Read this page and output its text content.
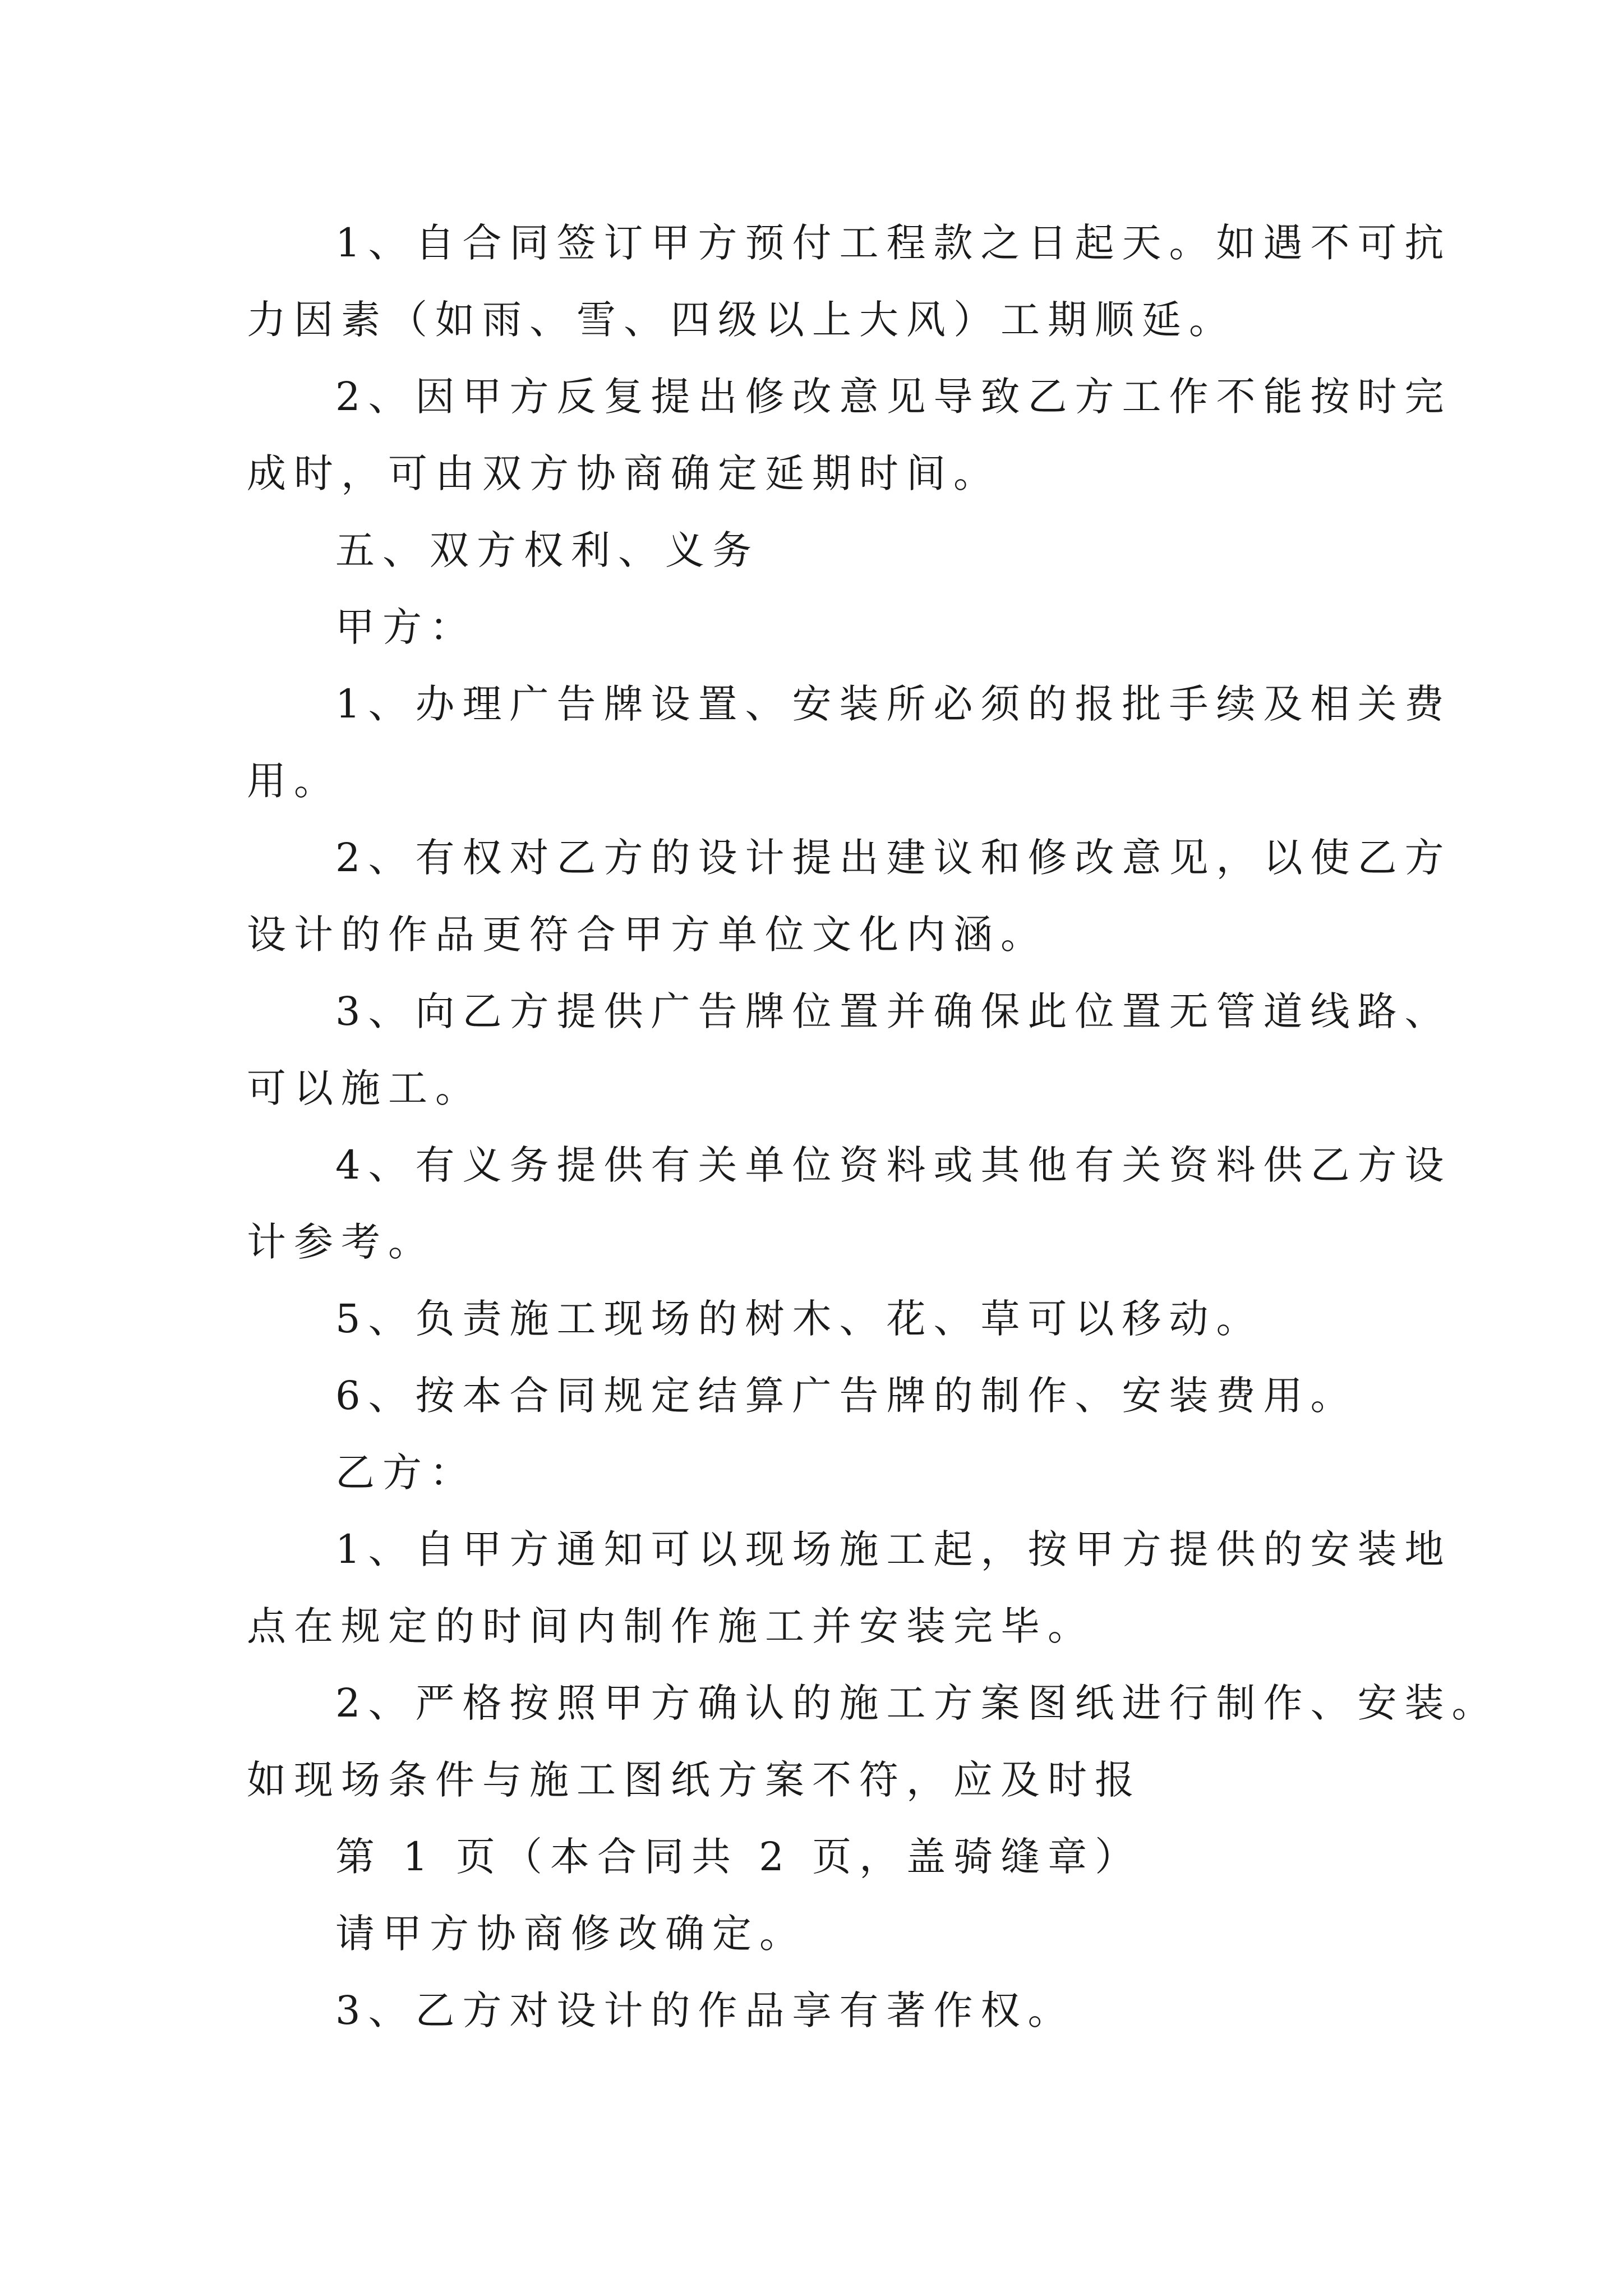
1、自合同签订甲方预付工程款之日起天。如遇不可抗
力因素（如雨、雪、四级以上大风）工期顺延。
2、因甲方反复提出修改意见导致乙方工作不能按时完
成时，可由双方协商确定延期时间。
五、双方权利、义务
甲方：
1、办理广告牌设置、安装所必须的报批手续及相关费
用。
2、有权对乙方的设计提出建议和修改意见，以使乙方
设计的作品更符合甲方单位文化内涵。
3、向乙方提供广告牌位置并确保此位置无管道线路、
可以施工。
4、有义务提供有关单位资料或其他有关资料供乙方设
计参考。
5、负责施工现场的树木、花、草可以移动。
6、按本合同规定结算广告牌的制作、安装费用。
乙方：
1、自甲方通知可以现场施工起，按甲方提供的安装地
点在规定的时间内制作施工并安装完毕。
2、严格按照甲方确认的施工方案图纸进行制作、安装。
如现场条件与施工图纸方案不符，应及时报
第 1 页（本合同共 2 页，盖骑缝章）
请甲方协商修改确定。
3、乙方对设计的作品享有著作权。
